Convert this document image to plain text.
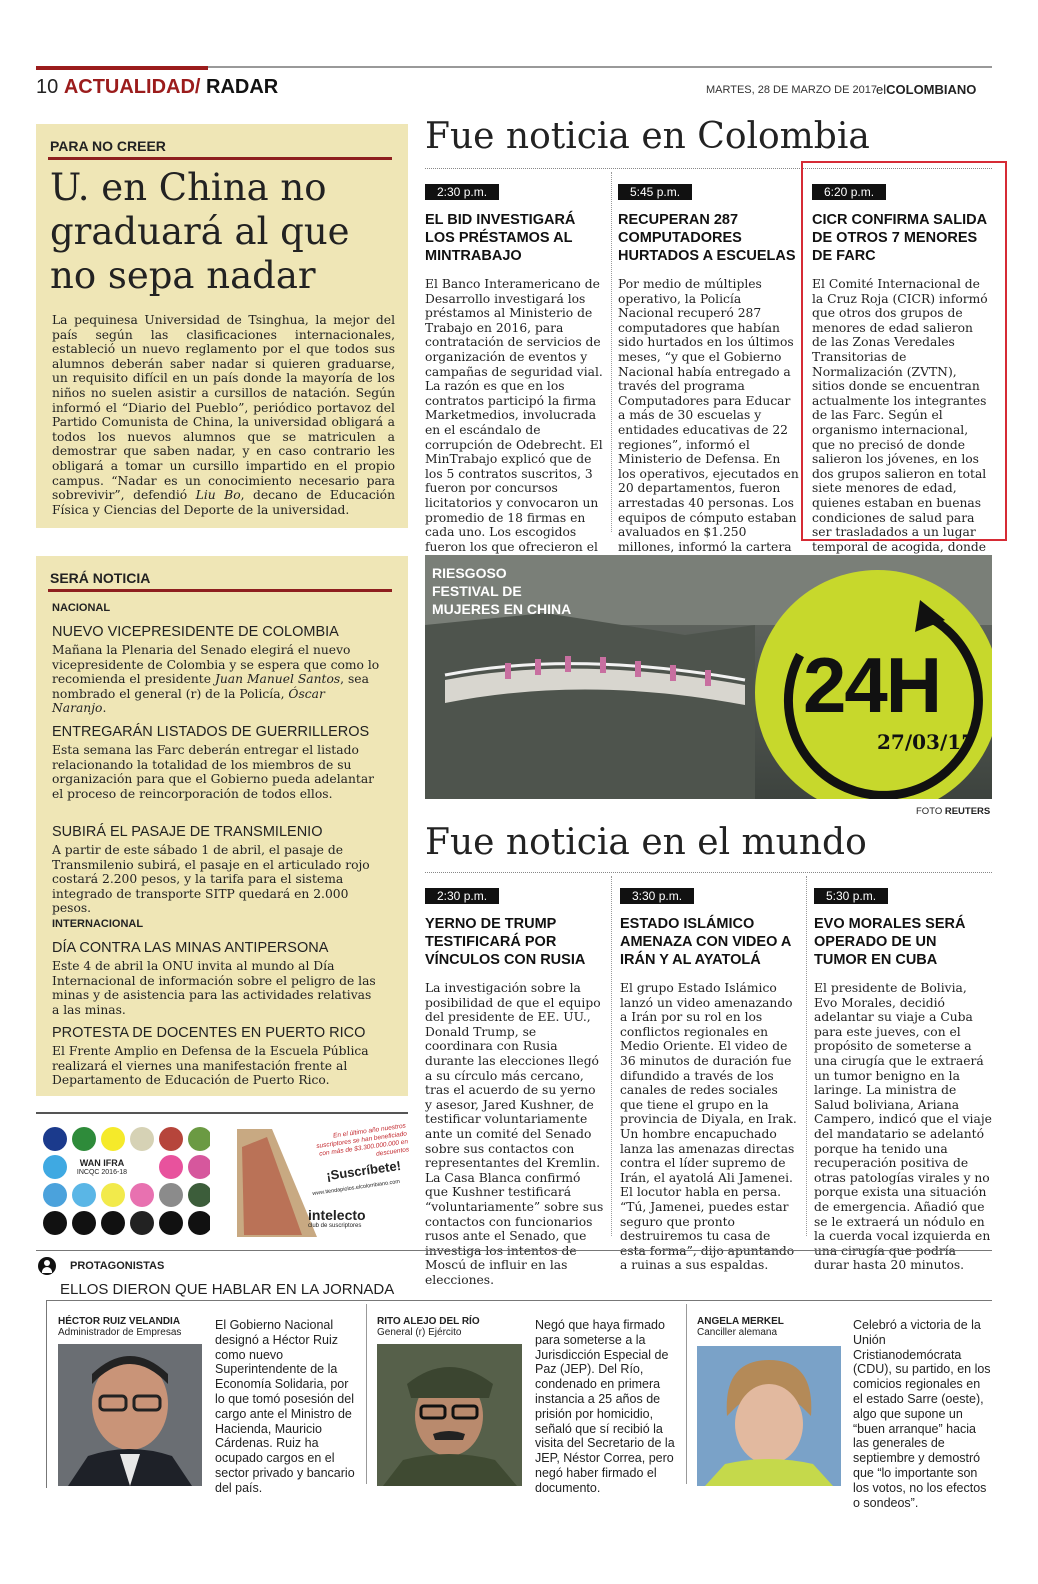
10 ACTUALIDAD/ RADAR	MARTES, 28 DE MARZO DE 2017 elCOLOMBIANO
PARA NO CREER
U. en China no graduará al que no sepa nadar
La pequinesa Universidad de Tsinghua, la mejor del país según las clasificaciones internacionales, estableció un nuevo reglamento por el que todos sus alumnos deberán saber nadar si quieren graduarse, un requisito difícil en un país donde la mayoría de los niños no suelen asistir a cursillos de natación. Según informó el “Diario del Pueblo”, periódico portavoz del Partido Comunista de China, la universidad obligará a todos los nuevos alumnos que se matriculen a demostrar que saben nadar, y en caso contrario les obligará a tomar un cursillo impartido en el propio campus. “Nadar es un conocimiento necesario para sobrevivir”, defendió Liu Bo, decano de Educación Física y Ciencias del Deporte de la universidad.
Fue noticia en Colombia
2:30 p.m.
EL BID INVESTIGARÁ LOS PRÉSTAMOS AL MINTRABAJO
El Banco Interamericano de Desarrollo investigará los préstamos al Ministerio de Trabajo en 2016, para contratación de servicios de organización de eventos y campañas de seguridad vial. La razón es que en los contratos participó la firma Marketmedios, involucrada en el escándalo de corrupción de Odebrecht. El MinTrabajo explicó que de los 5 contratos suscritos, 3 fueron por concursos licitatorios y convocaron un promedio de 18 firmas en cada uno. Los escogidos fueron los que ofrecieron el
5:45 p.m.
RECUPERAN 287 COMPUTADORES HURTADOS A ESCUELAS
Por medio de múltiples operativo, la Policía Nacional recuperó 287 computadores que habían sido hurtados en los últimos meses, “y que el Gobierno Nacional había entregado a través del programa Computadores para Educar a más de 30 escuelas y entidades educativas de 22 regiones”, informó el Ministerio de Defensa. En los operativos, ejecutados en 20 departamentos, fueron arrestadas 40 personas. Los equipos de cómputo estaban avaluados en $1.250 millones, informó la cartera
6:20 p.m.
CICR CONFIRMA SALIDA DE OTROS 7 MENORES DE FARC
El Comité Internacional de la Cruz Roja (CICR) informó que otros dos grupos de menores de edad salieron de las Zonas Veredales Transitorias de Normalización (ZVTN), sitios donde se encuentran actualmente los integrantes de las Farc. Según el organismo internacional, que no precisó de donde salieron los jóvenes, en los dos grupos salieron en total siete menores de edad, quienes estaban en buenas condiciones de salud para ser trasladados a un lugar temporal de acogida, donde
SERÁ NOTICIA
NACIONAL
NUEVO VICEPRESIDENTE DE COLOMBIA
Mañana la Plenaria del Senado elegirá el nuevo vicepresidente de Colombia y se espera que como lo recomienda el presidente Juan Manuel Santos, sea nombrado el general (r) de la Policía, Óscar Naranjo.
ENTREGARÁN LISTADOS DE GUERRILLEROS
Esta semana las Farc deberán entregar el listado relacionando la totalidad de los miembros de su organización para que el Gobierno pueda adelantar el proceso de reincorporación de todos ellos.
SUBIRÁ EL PASAJE DE TRANSMILENIO
A partir de este sábado 1 de abril, el pasaje de Transmilenio subirá, el pasaje en el articulado rojo costará 2.200 pesos, y la tarifa para el sistema integrado de transporte SITP quedará en 2.000 pesos.
INTERNACIONAL
DÍA CONTRA LAS MINAS ANTIPERSONA
Este 4 de abril la ONU invita al mundo al Día Internacional de información sobre el peligro de las minas y de asistencia para las actividades relativas a las minas.
PROTESTA DE DOCENTES EN PUERTO RICO
El Frente Amplio en Defensa de la Escuela Pública realizará el viernes una manifestación frente al Departamento de Educación de Puerto Rico.
24H
27/03/17
RIESGOSO
FESTIVAL DE
MUJERES EN CHINA
FOTO REUTERS
Fue noticia en el mundo
2:30 p.m.
YERNO DE TRUMP TESTIFICARÁ POR VÍNCULOS CON RUSIA
La investigación sobre la posibilidad de que el equipo del presidente de EE. UU., Donald Trump, se coordinara con Rusia durante las elecciones llegó a su círculo más cercano, tras el acuerdo de su yerno y asesor, Jared Kushner, de testificar voluntariamente ante un comité del Senado sobre sus contactos con representantes del Kremlin. La Casa Blanca confirmó que Kushner testificará “voluntariamente” sobre sus contactos con funcionarios rusos ante el Senado, que investiga los intentos de Moscú de influir en las elecciones.
3:30 p.m.
ESTADO ISLÁMICO AMENAZA CON VIDEO A IRÁN Y AL AYATOLÁ
El grupo Estado Islámico lanzó un video amenazando a Irán por su rol en los conflictos regionales en Medio Oriente. El video de 36 minutos de duración fue difundido a través de los canales de redes sociales que tiene el grupo en la provincia de Diyala, en Irak. Un hombre encapuchado lanza las amenazas directas contra el líder supremo de Irán, el ayatolá Ali Jamenei. El locutor habla en persa. “Tú, Jamenei, puedes estar seguro que pronto destruiremos tu casa de esta forma”, dijo apuntando a ruinas a sus espaldas.
5:30 p.m.
EVO MORALES SERÁ OPERADO DE UN TUMOR EN CUBA
El presidente de Bolivia, Evo Morales, decidió adelantar su viaje a Cuba para este jueves, con el propósito de someterse a una cirugía que le extraerá un tumor benigno en la laringe. La ministra de Salud boliviana, Ariana Campero, indicó que el viaje del mandatario se adelantó porque ha tenido una recuperación positiva de otras patologías virales y no porque exista una situación de emergencia. Añadió que se le extraerá un nódulo en la cuerda vocal izquierda en una cirugía que podría durar hasta 20 minutos.
WAN IFRA
INCQC 2016-18
En el último año nuestros suscriptores se han beneficiado con más de $3.300.000.000 en descuentos
¡Suscríbete!
www.tiendapiolos.elcolombiano.com
intelecto
club de suscriptores
PROTAGONISTAS
ELLOS DIERON QUE HABLAR EN LA JORNADA
HÉCTOR RUIZ VELANDIA
Administrador de Empresas
El Gobierno Nacional designó a Héctor Ruiz como nuevo Superintendente de la Economía Solidaria, por lo que tomó posesión del cargo ante el Ministro de Hacienda, Mauricio Cárdenas. Ruiz ha ocupado cargos en el sector privado y bancario del país.
RITO ALEJO DEL RÍO
General (r) Ejército
Negó que haya firmado para someterse a la Jurisdicción Especial de Paz (JEP). Del Río, condenado en primera instancia a 25 años de prisión por homicidio, señaló que sí recibió la visita del Secretario de la JEP, Néstor Correa, pero negó haber firmado el documento.
ANGELA MERKEL
Canciller alemana
Celebró a victoria de la Unión Cristianodemócrata (CDU), su partido, en los comicios regionales en el estado Sarre (oeste), algo que supone un “buen arranque” hacia las generales de septiembre y demostró que “lo importante son los votos, no los efectos o sondeos”.
